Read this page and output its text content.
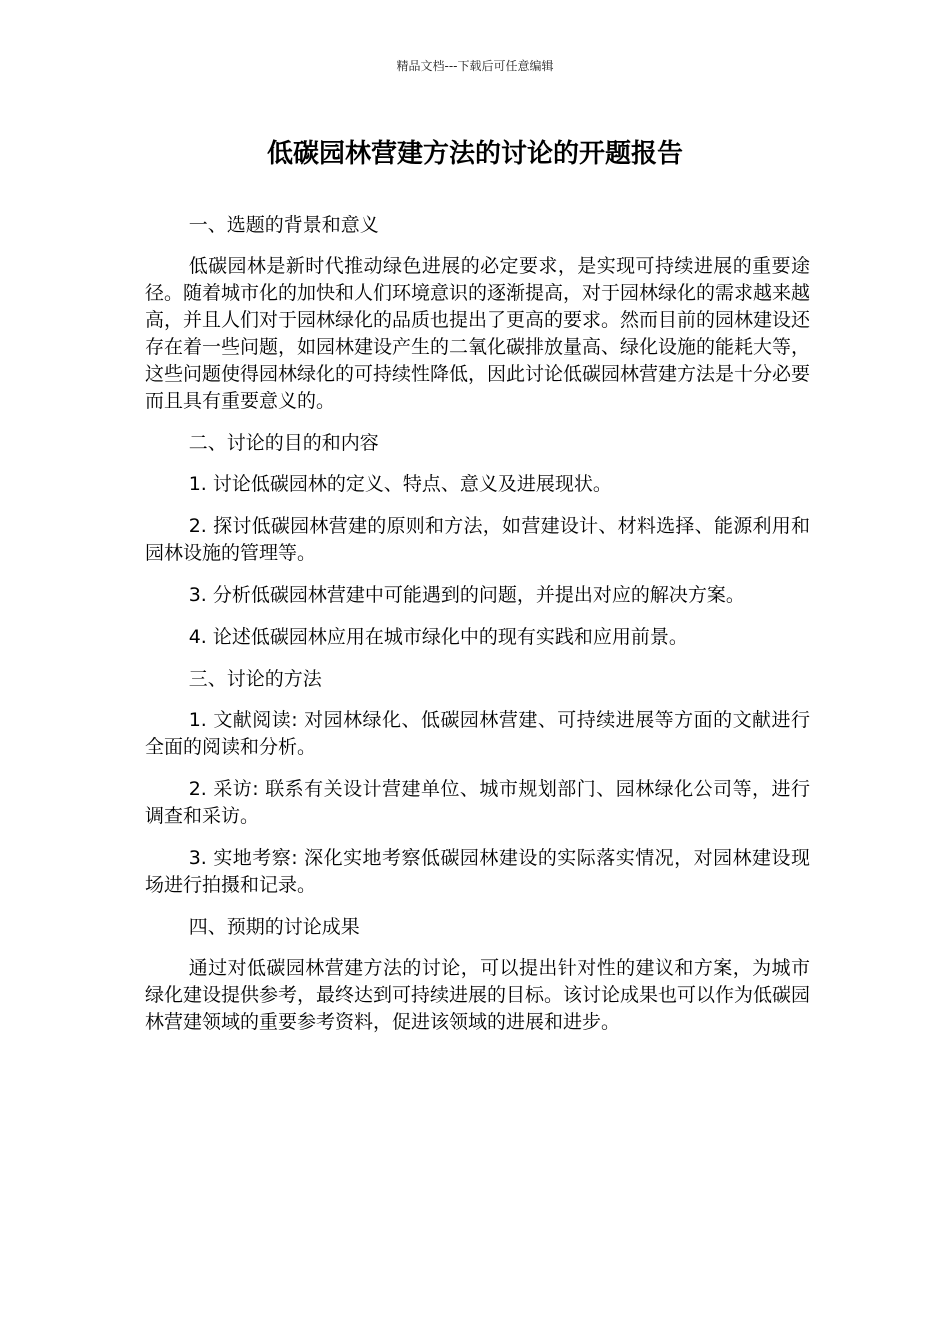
精品文档---下载后可任意编辑
低碳园林营建方法的讨论的开题报告

一、选题的背景和意义

低碳园林是新时代推动绿色进展的必定要求，是实现可持续进展的重要途径。随着城市化的加快和人们环境意识的逐渐提高，对于园林绿化的需求越来越高，并且人们对于园林绿化的品质也提出了更高的要求。然而目前的园林建设还存在着一些问题，如园林建设产生的二氧化碳排放量高、绿化设施的能耗大等，这些问题使得园林绿化的可持续性降低，因此讨论低碳园林营建方法是十分必要而且具有重要意义的。

二、讨论的目的和内容

1. 讨论低碳园林的定义、特点、意义及进展现状。

2. 探讨低碳园林营建的原则和方法，如营建设计、材料选择、能源利用和园林设施的管理等。

3. 分析低碳园林营建中可能遇到的问题，并提出对应的解决方案。

4. 论述低碳园林应用在城市绿化中的现有实践和应用前景。

三、讨论的方法

1. 文献阅读: 对园林绿化、低碳园林营建、可持续进展等方面的文献进行全面的阅读和分析。

2. 采访: 联系有关设计营建单位、城市规划部门、园林绿化公司等，进行调查和采访。

3. 实地考察: 深化实地考察低碳园林建设的实际落实情况，对园林建设现场进行拍摄和记录。

四、预期的讨论成果

通过对低碳园林营建方法的讨论，可以提出针对性的建议和方案，为城市绿化建设提供参考，最终达到可持续进展的目标。该讨论成果也可以作为低碳园林营建领域的重要参考资料，促进该领域的进展和进步。
